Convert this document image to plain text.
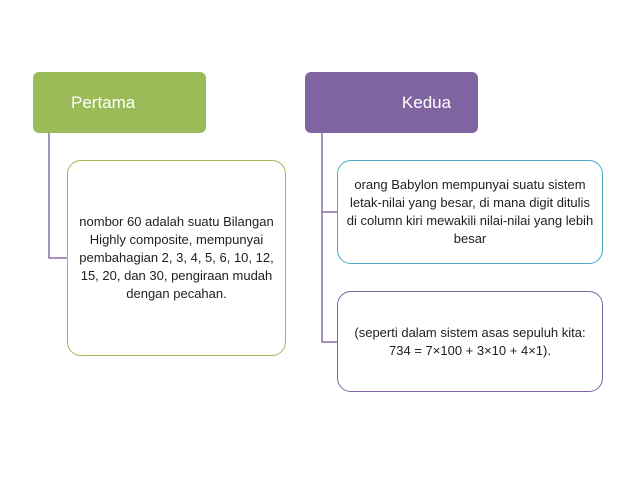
Pertama	Kedua
nombor 60 adalah suatu Bilangan Highly composite, mempunyai pembahagian 2, 3, 4, 5, 6, 10, 12, 15, 20, dan 30, pengiraan mudah dengan pecahan.
orang Babylon mempunyai suatu sistem letak-nilai yang besar, di mana digit ditulis di column kiri mewakili nilai-nilai yang lebih besar
(seperti dalam sistem asas sepuluh kita: 734 = 7×100 + 3×10 + 4×1).
